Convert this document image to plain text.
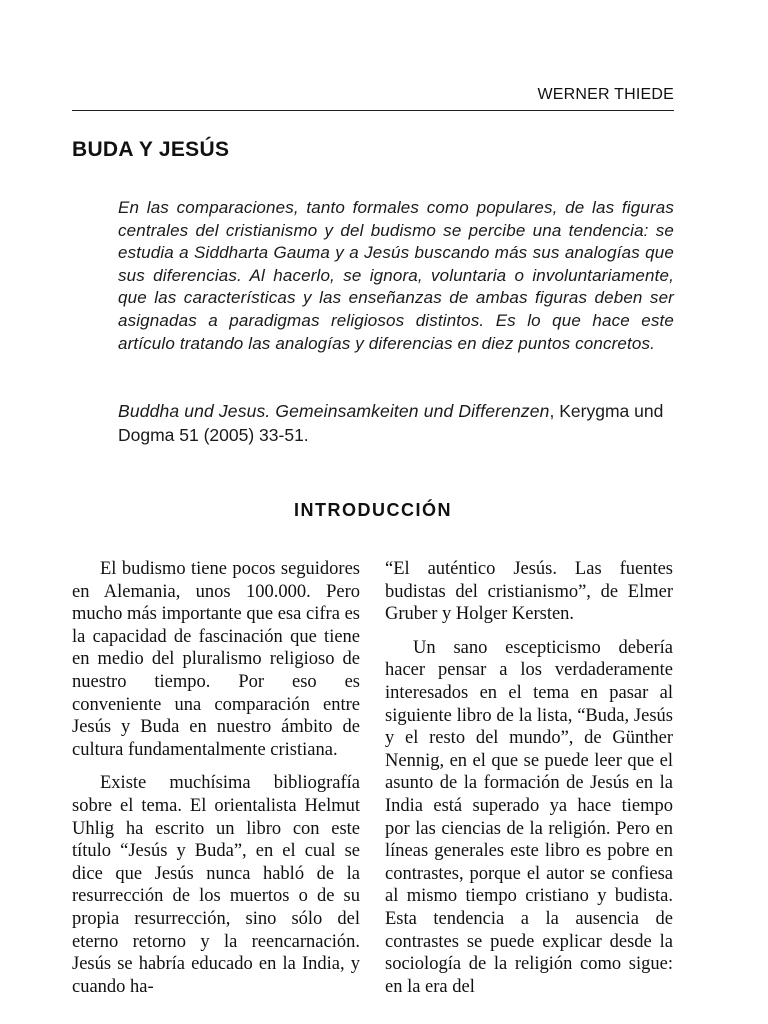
WERNER THIEDE
BUDA Y JESÚS

En las comparaciones, tanto formales como populares, de las figuras centrales del cristianismo y del budismo se percibe una tendencia: se estudia a Siddharta Gauma y a Jesús buscando más sus analogías que sus diferencias. Al hacerlo, se ignora, voluntaria o involuntariamente, que las características y las enseñanzas de ambas figuras deben ser asignadas a paradigmas religiosos distintos. Es lo que hace este artículo tratando las analogías y diferencias en diez puntos concretos.

Buddha und Jesus. Gemeinsamkeiten und Differenzen, Kerygma und Dogma 51 (2005) 33-51.

INTRODUCCIÓN

El budismo tiene pocos seguidores en Alemania, unos 100.000. Pero mucho más importante que esa cifra es la capacidad de fascinación que tiene en medio del pluralismo religioso de nuestro tiempo. Por eso es conveniente una comparación entre Jesús y Buda en nuestro ámbito de cultura fundamentalmente cristiana.

Existe muchísima bibliografía sobre el tema. El orientalista Helmut Uhlig ha escrito un libro con este título “Jesús y Buda”, en el cual se dice que Jesús nunca habló de la resurrección de los muertos o de su propia resurrección, sino sólo del eterno retorno y la reencarnación. Jesús se habría educado en la India, y cuando ha-

“El auténtico Jesús. Las fuentes budistas del cristianismo”, de Elmer Gruber y Holger Kersten.

Un sano escepticismo debería hacer pensar a los verdaderamente interesados en el tema en pasar al siguiente libro de la lista, “Buda, Jesús y el resto del mundo”, de Günther Nennig, en el que se puede leer que el asunto de la formación de Jesús en la India está superado ya hace tiempo por las ciencias de la religión. Pero en líneas generales este libro es pobre en contrastes, porque el autor se confiesa al mismo tiempo cristiano y budista. Esta tendencia a la ausencia de contrastes se puede explicar desde la sociología de la religión como sigue: en la era del
